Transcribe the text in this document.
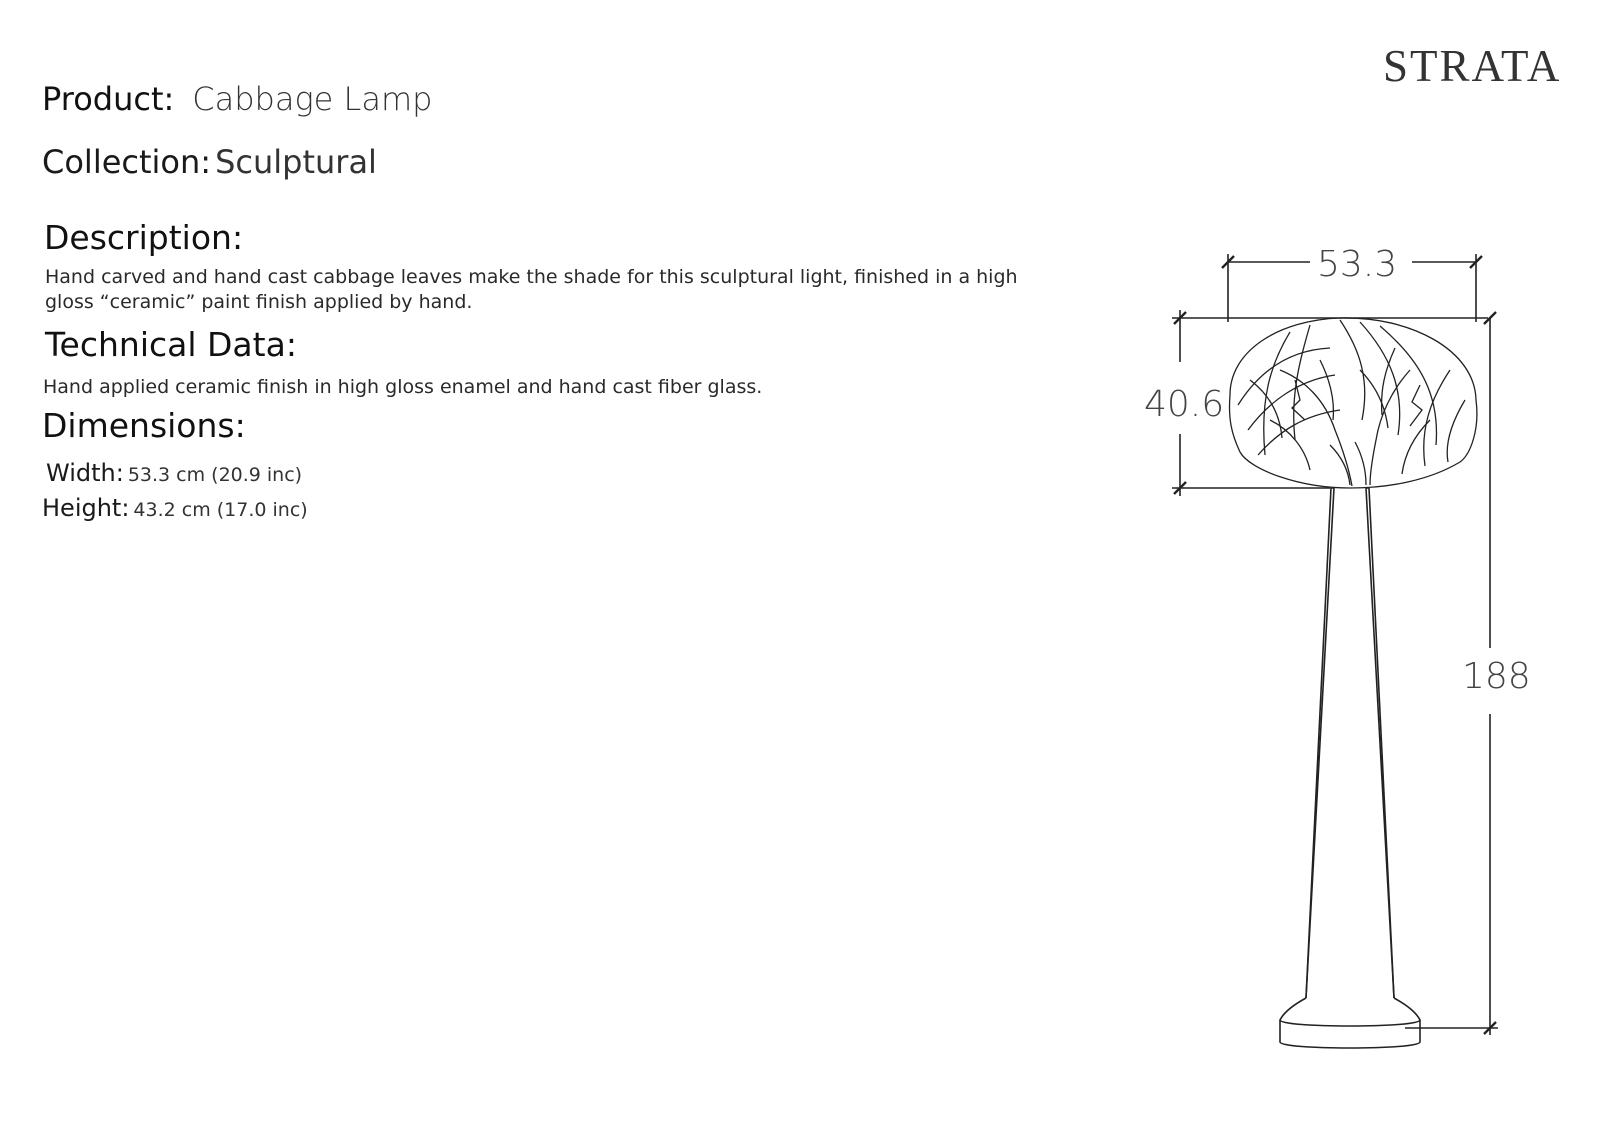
STRATA
Product: Cabbage Lamp
Collection: Sculptural
Description:
Hand carved and hand cast cabbage leaves make the shade for this sculptural light, finished in a high gloss “ceramic” paint finish applied by hand.
Technical Data:
Hand applied ceramic finish in high gloss enamel and hand cast fiber glass.
Dimensions:
Width: 53.3 cm (20.9 inc)
Height: 43.2 cm (17.0 inc)
53.3
40.6
188
